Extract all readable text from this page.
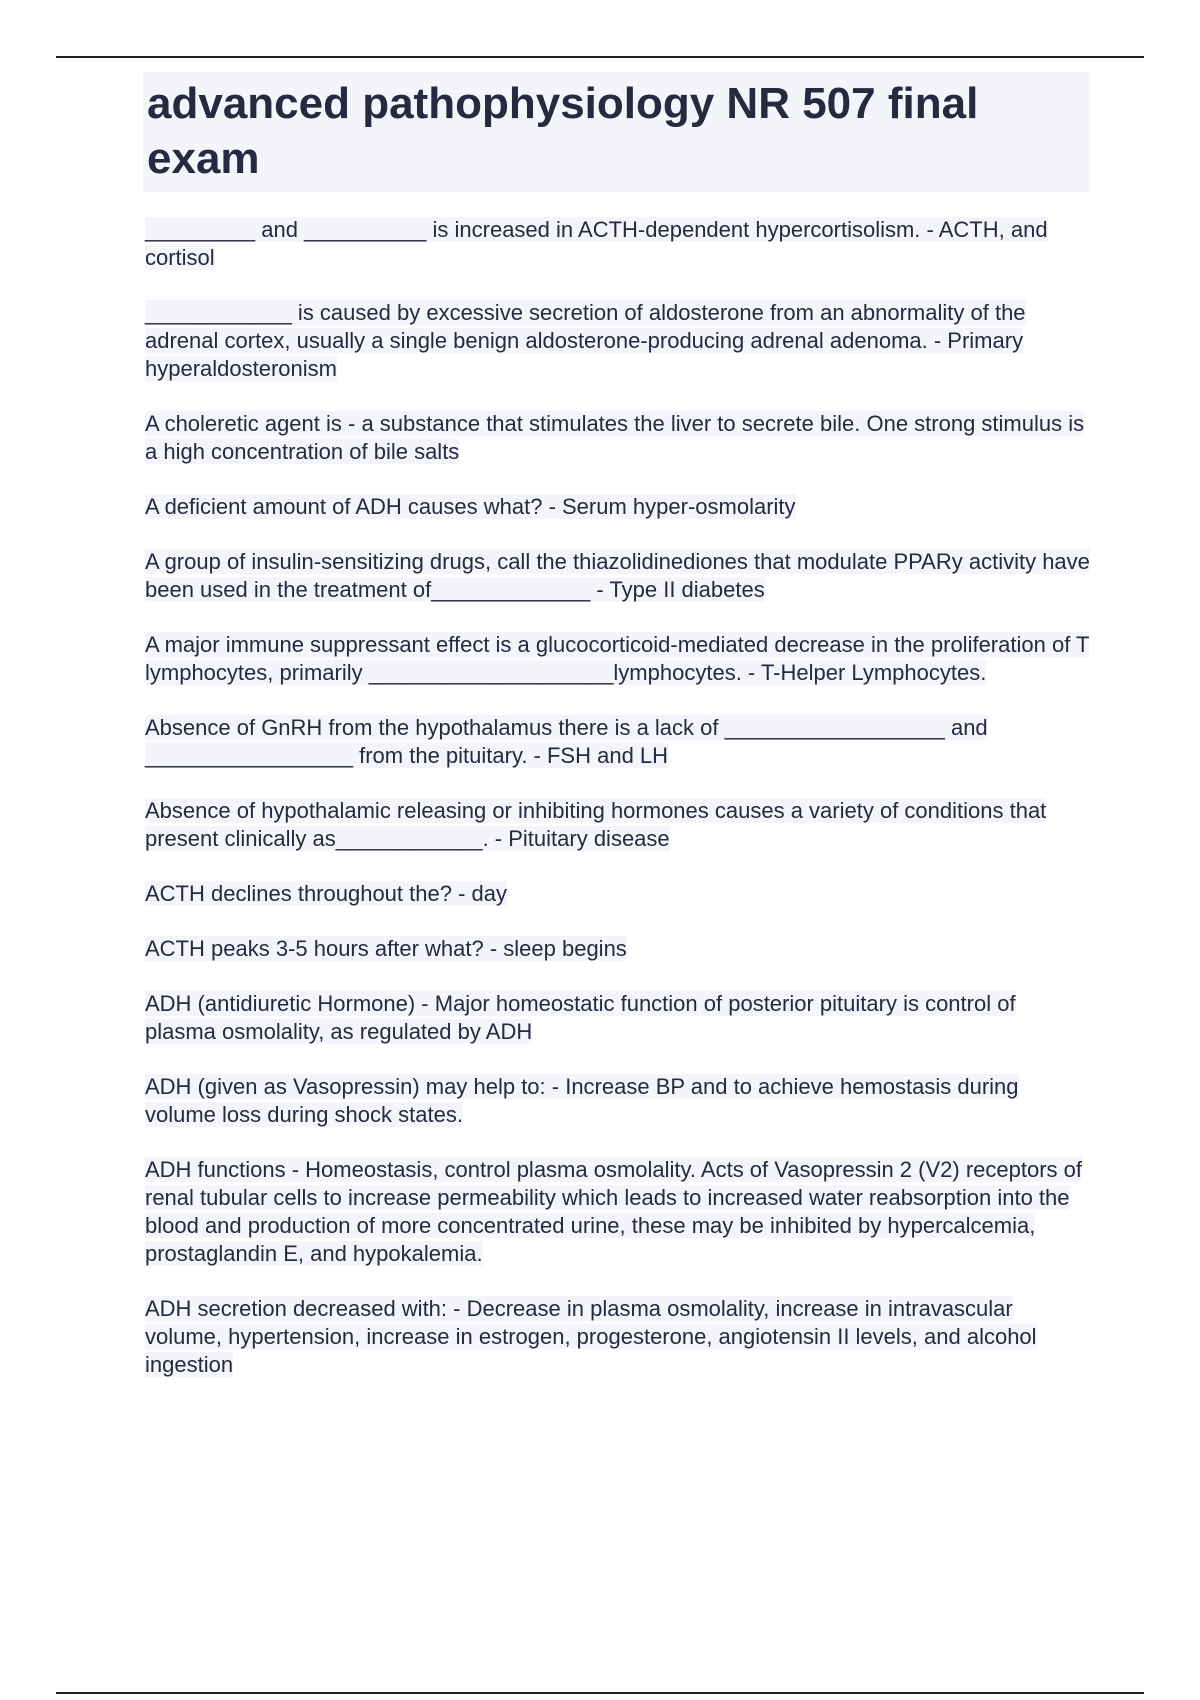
advanced pathophysiology NR 507 final exam
_________ and __________ is increased in ACTH-dependent hypercortisolism. - ACTH, and cortisol
____________ is caused by excessive secretion of aldosterone from an abnormality of the adrenal cortex, usually a single benign aldosterone-producing adrenal adenoma. - Primary hyperaldosteronism
A choleretic agent is - a substance that stimulates the liver to secrete bile. One strong stimulus is a high concentration of bile salts
A deficient amount of ADH causes what? - Serum hyper-osmolarity
A group of insulin-sensitizing drugs, call the thiazolidinediones that modulate PPARy activity have been used in the treatment of_____________ - Type II diabetes
A major immune suppressant effect is a glucocorticoid-mediated decrease in the proliferation of T lymphocytes, primarily ____________________lymphocytes. - T-Helper Lymphocytes.
Absence of GnRH from the hypothalamus there is a lack of __________________ and _________________ from the pituitary. - FSH and LH
Absence of hypothalamic releasing or inhibiting hormones causes a variety of conditions that present clinically as____________. - Pituitary disease
ACTH declines throughout the? - day
ACTH peaks 3-5 hours after what? - sleep begins
ADH (antidiuretic Hormone) - Major homeostatic function of posterior pituitary is control of plasma osmolality, as regulated by ADH
ADH (given as Vasopressin) may help to: - Increase BP and to achieve hemostasis during volume loss during shock states.
ADH functions - Homeostasis, control plasma osmolality. Acts of Vasopressin 2 (V2) receptors of renal tubular cells to increase permeability which leads to increased water reabsorption into the blood and production of more concentrated urine, these may be inhibited by hypercalcemia, prostaglandin E, and hypokalemia.
ADH secretion decreased with: - Decrease in plasma osmolality, increase in intravascular volume, hypertension, increase in estrogen, progesterone, angiotensin II levels, and alcohol ingestion
